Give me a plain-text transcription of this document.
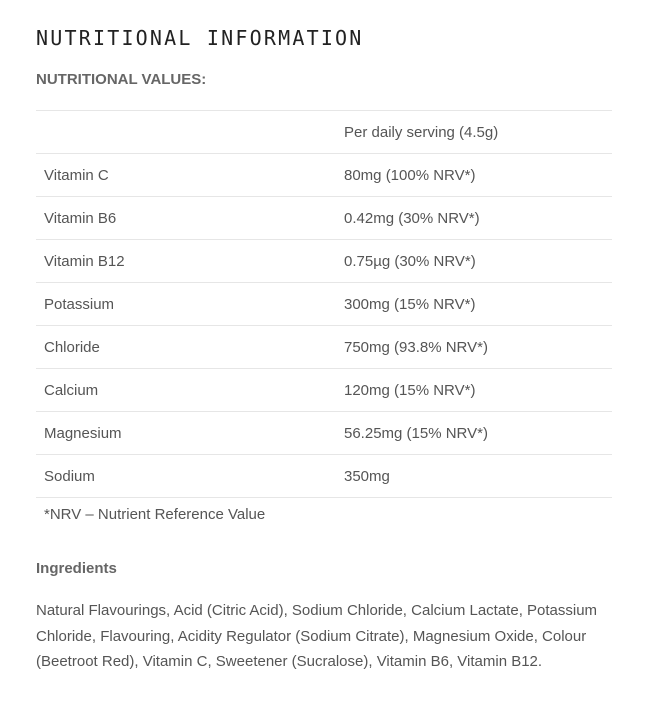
NUTRITIONAL INFORMATION
NUTRITIONAL VALUES:
	Per daily serving (4.5g)
Vitamin C	80mg (100% NRV*)
Vitamin B6	0.42mg (30% NRV*)
Vitamin B12	0.75µg (30% NRV*)
Potassium	300mg (15% NRV*)
Chloride	750mg (93.8% NRV*)
Calcium	120mg (15% NRV*)
Magnesium	56.25mg (15% NRV*)
Sodium	350mg
*NRV – Nutrient Reference Value
Ingredients
Natural Flavourings, Acid (Citric Acid), Sodium Chloride, Calcium Lactate, Potassium Chloride, Flavouring, Acidity Regulator (Sodium Citrate), Magnesium Oxide, Colour (Beetroot Red), Vitamin C, Sweetener (Sucralose), Vitamin B6, Vitamin B12.
